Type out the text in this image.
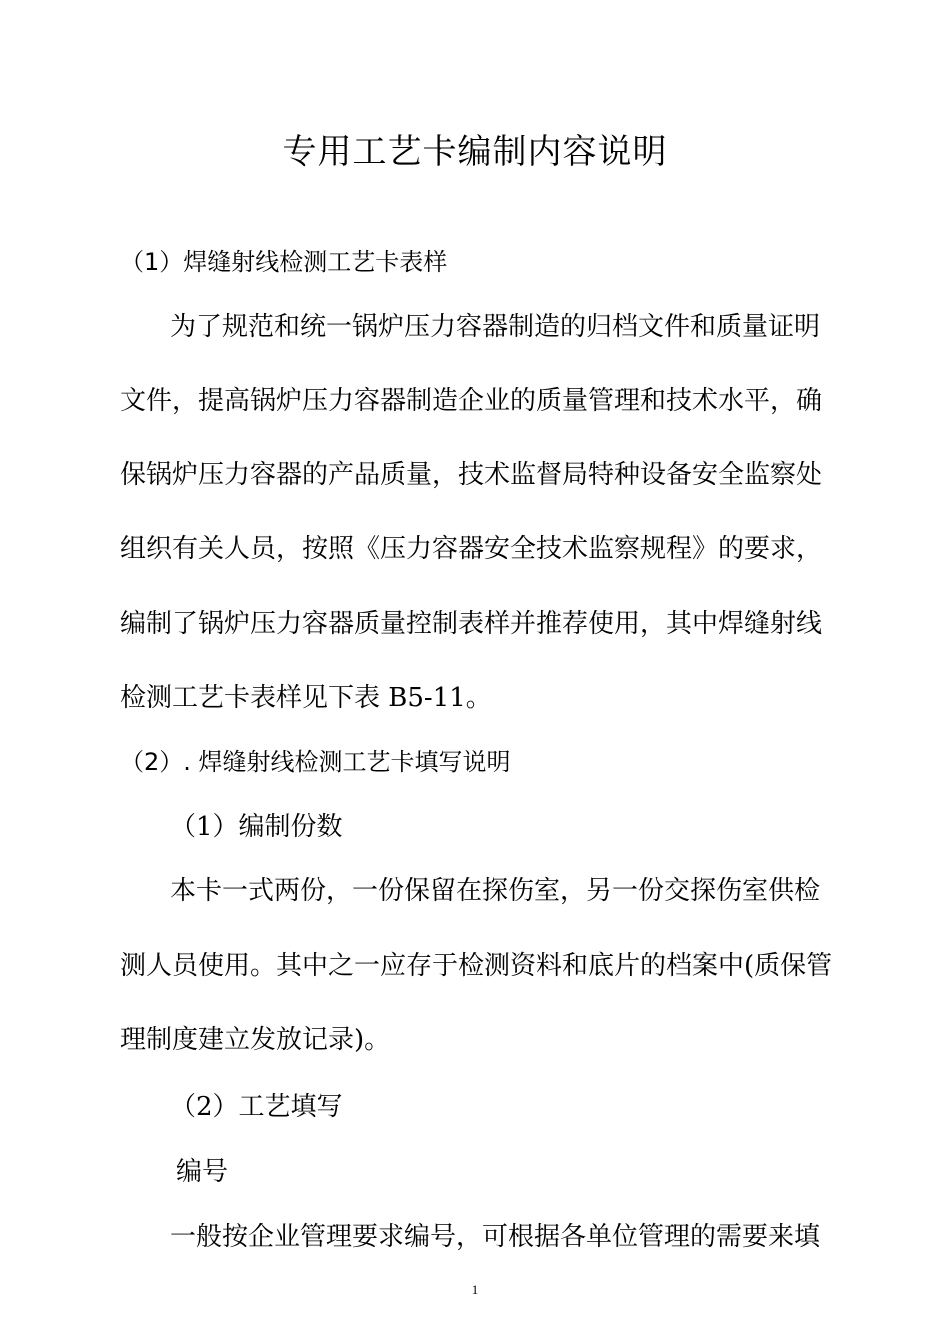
专用工艺卡编制内容说明
（1）焊缝射线检测工艺卡表样
为了规范和统一锅炉压力容器制造的归档文件和质量证明
文件，提高锅炉压力容器制造企业的质量管理和技术水平，确
保锅炉压力容器的产品质量，技术监督局特种设备安全监察处
组织有关人员，按照《压力容器安全技术监察规程》的要求，
编制了锅炉压力容器质量控制表样并推荐使用，其中焊缝射线
检测工艺卡表样见下表 B5-11。
（2）. 焊缝射线检测工艺卡填写说明
（1）编制份数
本卡一式两份，一份保留在探伤室，另一份交探伤室供检
测人员使用。其中之一应存于检测资料和底片的档案中(质保管
理制度建立发放记录)。
（2）工艺填写
编号
一般按企业管理要求编号，可根据各单位管理的需要来填
1
